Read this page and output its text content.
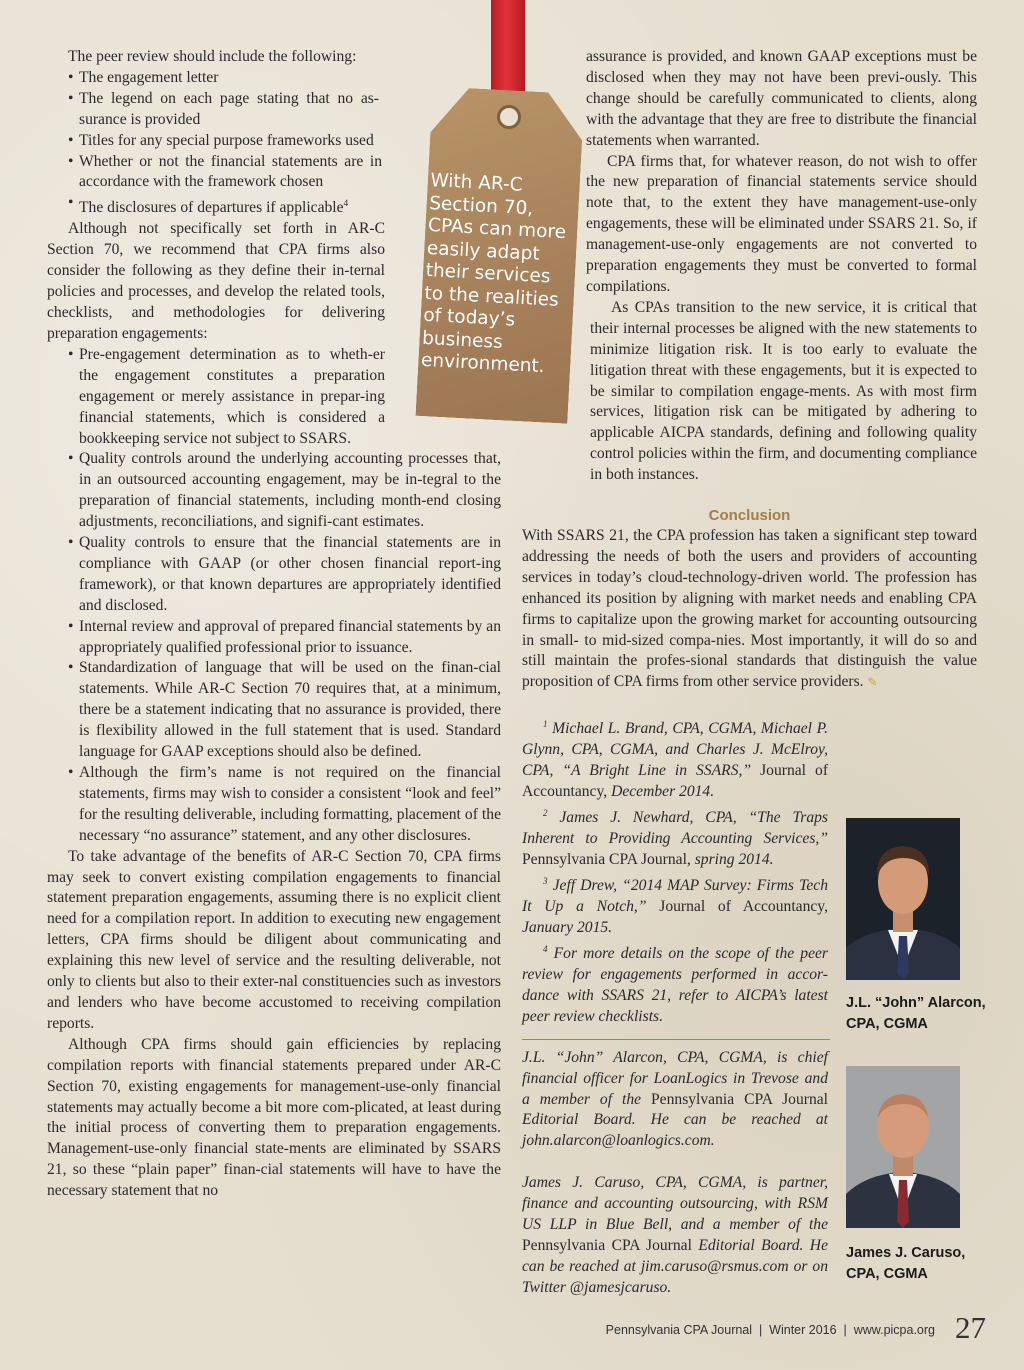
The peer review should include the following:

• The engagement letter
• The legend on each page stating that no as-surance is provided
• Titles for any special purpose frameworks used
• Whether or not the financial statements are in accordance with the framework chosen
• The disclosures of departures if applicable$^4$

Although not specifically set forth in AR-C Section 70, we recommend that CPA firms also consider the following as they define their in-ternal policies and processes, and develop the related tools, checklists, and methodologies for delivering preparation engagements:

• Pre-engagement determination as to wheth-er the engagement constitutes a preparation engagement or merely assistance in prepar-ing financial statements, which is considered a bookkeeping service not subject to SSARS.
• Quality controls around the underlying accounting processes that, in an outsourced accounting engagement, may be in-tegral to the preparation of financial statements, including month-end closing adjustments, reconciliations, and signifi-cant estimates.
• Quality controls to ensure that the financial statements are in compliance with GAAP (or other chosen financial report-ing framework), or that known departures are appropriately identified and disclosed.
• Internal review and approval of prepared financial statements by an appropriately qualified professional prior to issuance.
• Standardization of language that will be used on the finan-cial statements. While AR-C Section 70 requires that, at a minimum, there be a statement indicating that no assurance is provided, there is flexibility allowed in the full statement that is used. Standard language for GAAP exceptions should also be defined.
• Although the firm’s name is not required on the financial statements, firms may wish to consider a consistent “look and feel” for the resulting deliverable, including formatting, placement of the necessary “no assurance” statement, and any other disclosures.

To take advantage of the benefits of AR-C Section 70, CPA firms may seek to convert existing compilation engagements to financial statement preparation engagements, assuming there is no explicit client need for a compilation report. In addition to executing new engagement letters, CPA firms should be diligent about communicating and explaining this new level of service and the resulting deliverable, not only to clients but also to their exter-nal constituencies such as investors and lenders who have become accustomed to receiving compilation reports.

Although CPA firms should gain efficiencies by replacing compilation reports with financial statements prepared under AR-C Section 70, existing engagements for management-use-only financial statements may actually become a bit more com-plicated, at least during the initial process of converting them to preparation engagements. Management-use-only financial state-ments are eliminated by SSARS 21, so these “plain paper” finan-cial statements will have to have the necessary statement that no

With AR-C Section 70, CPAs can more easily adapt their services to the realities of today’s business environment.

assurance is provided, and known GAAP exceptions must be disclosed when they may not have been previ-ously. This change should be carefully communicated to clients, along with the advantage that they are free to distribute the financial statements when warranted.

CPA firms that, for whatever reason, do not wish to offer the new preparation of financial statements service should note that, to the extent they have management-use-only engagements, these will be eliminated under SSARS 21. So, if management-use-only engagements are not converted to preparation engagements they must be converted to formal compilations.

As CPAs transition to the new service, it is critical that their internal processes be aligned with the new statements to minimize litigation risk. It is too early to evaluate the litigation threat with these engagements, but it is expected to be similar to compilation engage-ments. As with most firm services, litigation risk can be mitigated by adhering to applicable AICPA standards, defining and following quality control policies within the firm, and documenting compliance in both instances.

Conclusion

With SSARS 21, the CPA profession has taken a significant step toward addressing the needs of both the users and providers of accounting services in today’s cloud-technology-driven world. The profession has enhanced its position by aligning with market needs and enabling CPA firms to capitalize upon the growing market for accounting outsourcing in small- to mid-sized compa-nies. Most importantly, it will do so and still maintain the profes-sional standards that distinguish the value proposition of CPA firms from other service providers. ✎

$^1$ Michael L. Brand, CPA, CGMA, Michael P. Glynn, CPA, CGMA, and Charles J. McElroy, CPA, “A Bright Line in SSARS,” Journal of Accountancy, December 2014.

$^2$ James J. Newhard, CPA, “The Traps Inherent to Providing Accounting Services,” Pennsylvania CPA Journal, spring 2014.

$^3$ Jeff Drew, “2014 MAP Survey: Firms Tech It Up a Notch,” Journal of Accountancy, January 2015.

$^4$ For more details on the scope of the peer review for engagements performed in accor-dance with SSARS 21, refer to AICPA’s latest peer review checklists.

J.L. “John” Alarcon, CPA, CGMA, is chief financial officer for LoanLogics in Trevose and a member of the Pennsylvania CPA Journal Editorial Board. He can be reached at john.alarcon@loanlogics.com.

James J. Caruso, CPA, CGMA, is partner, finance and accounting outsourcing, with RSM US LLP in Blue Bell, and a member of the Pennsylvania CPA Journal Editorial Board. He can be reached at jim.caruso@rsmus.com or on Twitter @jamesjcaruso.

J.L. “John” Alarcon, CPA, CGMA
James J. Caruso, CPA, CGMA
Pennsylvania CPA Journal  |  Winter 2016  |  www.picpa.org 27
